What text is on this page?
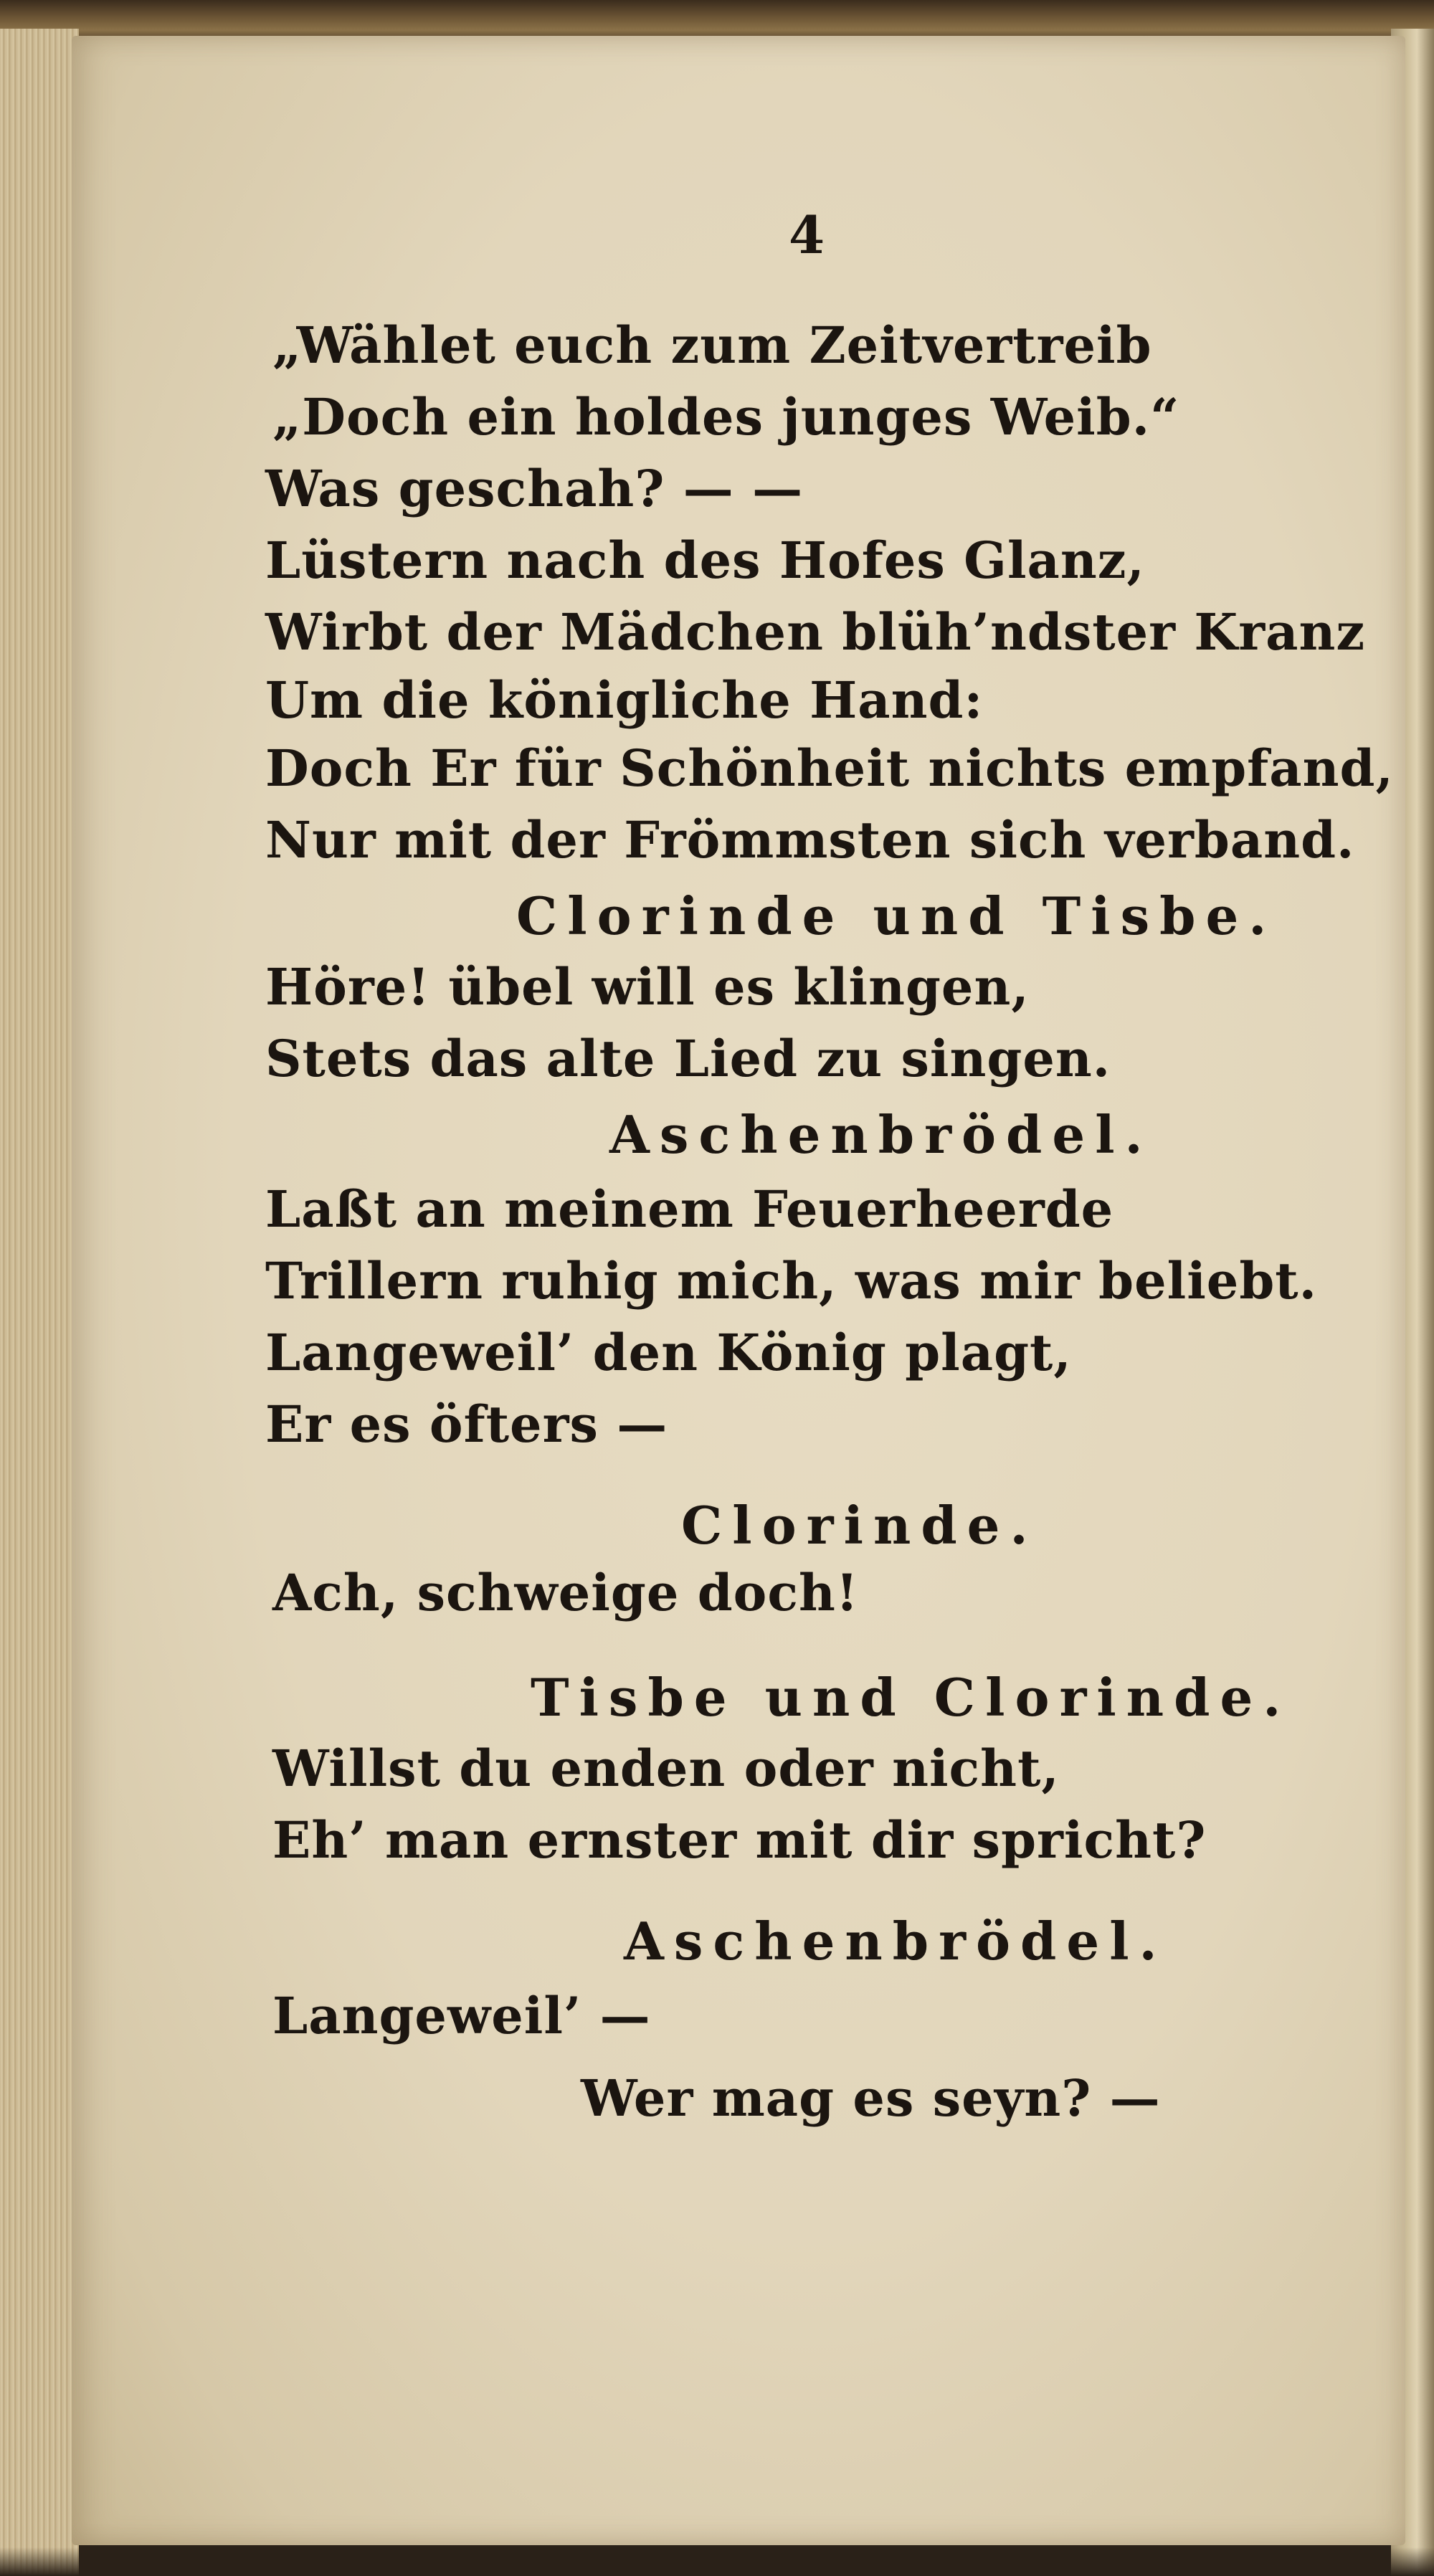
4
„Wählet euch zum Zeitvertreib
„Doch ein holdes junges Weib.“
Was geschah? — —
Lüstern nach des Hofes Glanz,
Wirbt der Mädchen blüh’ndster Kranz
Um die königliche Hand:
Doch Er für Schönheit nichts empfand,
Nur mit der Frömmsten sich verband.
Clorinde und Tisbe.
Höre! übel will es klingen,
Stets das alte Lied zu singen.
Aschenbrödel.
Laßt an meinem Feuerheerde
Trillern ruhig mich, was mir beliebt.
Langeweil’ den König plagt,
Er es öfters —
Clorinde.
Ach, schweige doch!
Tisbe und Clorinde.
Willst du enden oder nicht,
Eh’ man ernster mit dir spricht?
Aschenbrödel.
Langeweil’ —
Wer mag es seyn? —
